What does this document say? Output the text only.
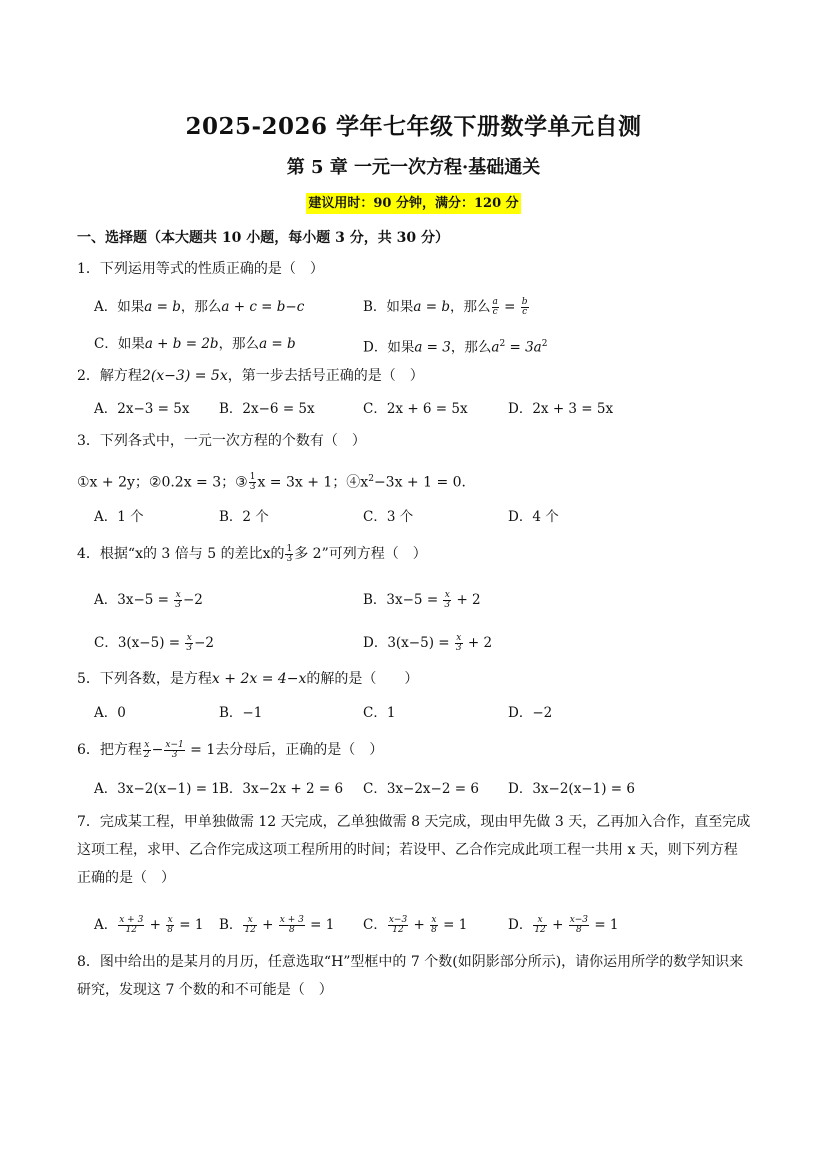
2025-2026 学年七年级下册数学单元自测
第 5 章 一元一次方程·基础通关
建议用时：90 分钟，满分：120 分
一、选择题（本大题共 10 小题，每小题 3 分，共 30 分）
1．下列运用等式的性质正确的是（　）
A．如果a = b，那么a + c = b−c	B．如果a = b，那么 $\frac{a}{c} = \frac{b}{c}$
C．如果a + b = 2b，那么a = b	D．如果a = 3，那么$a^2 = 3a^2$
2．解方程2(x−3) = 5x，第一步去括号正确的是（　）
A．2x−3 = 5x B．2x−6 = 5x	C．2x + 6 = 5x	D．2x + 3 = 5x
3．下列各式中，一元一次方程的个数有（　）
①x + 2y；②0.2x = 3；③ $\frac{1}{3}$ x = 3x + 1；$④x^2-3x + 1 = 0$．
A．1 个	B．2 个	C．3 个	D．4 个
4．根据“x的 3 倍与 5 的差比x的 $\frac{1}{3}$ 多 2”可列方程（　）
A．$3x-5 = \frac{x}{3} -2$	B．$3x-5 = \frac{x}{3} + 2$
C．$3(x-5) = \frac{x}{3} -2$	D．$3(x-5) = \frac{x}{3} + 2$
5．下列各数，是方程x + 2x = 4−x的解的是（　　）
A．0	B．−1	C．1	D．−2
6．把方程 $\frac{x}{2} - \frac{x-1}{3} = 1$去分母后，正确的是（　）
A．3x−2(x−1) = 1 B．3x−2x + 2 = 6 C．3x−2x−2 = 6 D．3x−2(x−1) = 6
7．完成某工程，甲单独做需 12 天完成，乙单独做需 8 天完成，现由甲先做 3 天，乙再加入合作，直至完成这项工程，求甲、乙合作完成这项工程所用的时间；若设甲、乙合作完成此项工程一共用 x 天，则下列方程正确的是（　）
A． $\frac{x + 3}{12} + \frac{x}{8} = 1$ B． $\frac{x}{12} + \frac{x + 3}{8} = 1$ C． $\frac{x-3}{12} + \frac{x}{8} = 1$	D． $\frac{x}{12} + \frac{x-3}{8} = 1$
8．图中给出的是某月的月历，任意选取“H”型框中的 7 个数(如阴影部分所示)，请你运用所学的数学知识来研究，发现这 7 个数的和不可能是（　）
